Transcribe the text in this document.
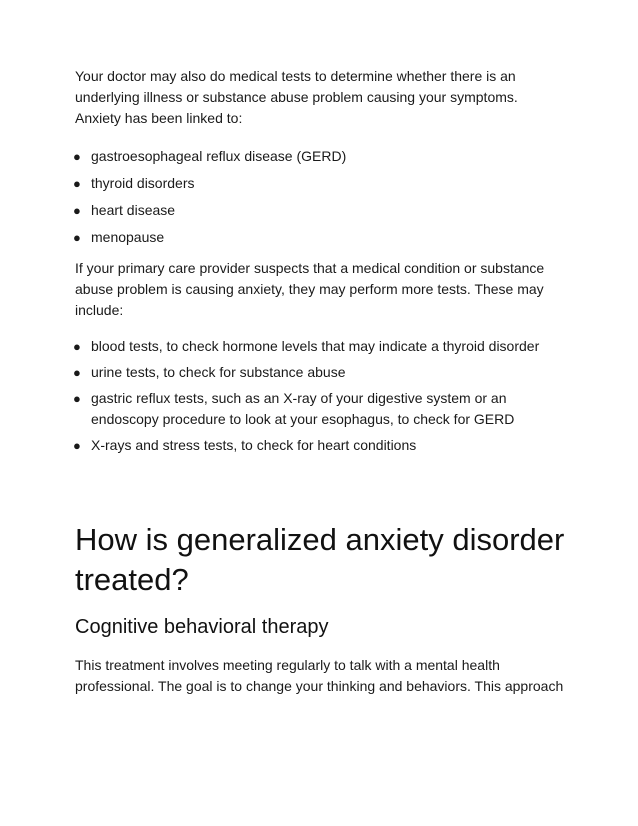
Your doctor may also do medical tests to determine whether there is an underlying illness or substance abuse problem causing your symptoms. Anxiety has been linked to:

● gastroesophageal reflux disease (GERD)
● thyroid disorders
● heart disease
● menopause

If your primary care provider suspects that a medical condition or substance abuse problem is causing anxiety, they may perform more tests. These may include:

● blood tests, to check hormone levels that may indicate a thyroid disorder
● urine tests, to check for substance abuse
● gastric reflux tests, such as an X-ray of your digestive system or an endoscopy procedure to look at your esophagus, to check for GERD
● X-rays and stress tests, to check for heart conditions
How is generalized anxiety disorder treated?
Cognitive behavioral therapy

This treatment involves meeting regularly to talk with a mental health professional. The goal is to change your thinking and behaviors. This approach
